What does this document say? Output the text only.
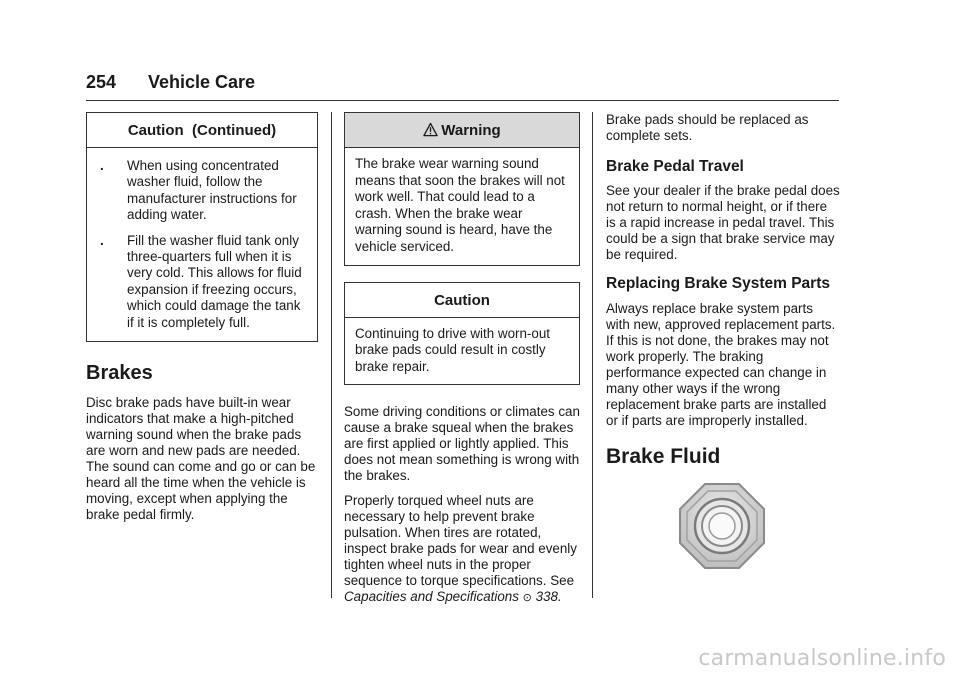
254 Vehicle Care
Caution  (Continued)
. When using concentrated washer fluid, follow the manufacturer instructions for adding water.
. Fill the washer fluid tank only three-quarters full when it is very cold. This allows for fluid expansion if freezing occurs, which could damage the tank if it is completely full.
Brakes

Disc brake pads have built-in wear indicators that make a high-pitched warning sound when the brake pads are worn and new pads are needed. The sound can come and go or can be heard all the time when the vehicle is moving, except when applying the brake pedal firmly.

Warning
The brake wear warning sound means that soon the brakes will not work well. That could lead to a crash. When the brake wear warning sound is heard, have the vehicle serviced.
Caution
Continuing to drive with worn-out brake pads could result in costly brake repair.

Some driving conditions or climates can cause a brake squeal when the brakes are first applied or lightly applied. This does not mean something is wrong with the brakes.

Properly torqued wheel nuts are necessary to help prevent brake pulsation. When tires are rotated, inspect brake pads for wear and evenly tighten wheel nuts in the proper sequence to torque specifications. See Capacities and Specifications ⊙ 338.

Brake pads should be replaced as complete sets.

Brake Pedal Travel

See your dealer if the brake pedal does not return to normal height, or if there is a rapid increase in pedal travel. This could be a sign that brake service may be required.

Replacing Brake System Parts

Always replace brake system parts with new, approved replacement parts. If this is not done, the brakes may not work properly. The braking performance expected can change in many other ways if the wrong replacement brake parts are installed or if parts are improperly installed.

Brake Fluid
carmanualsonline.info
